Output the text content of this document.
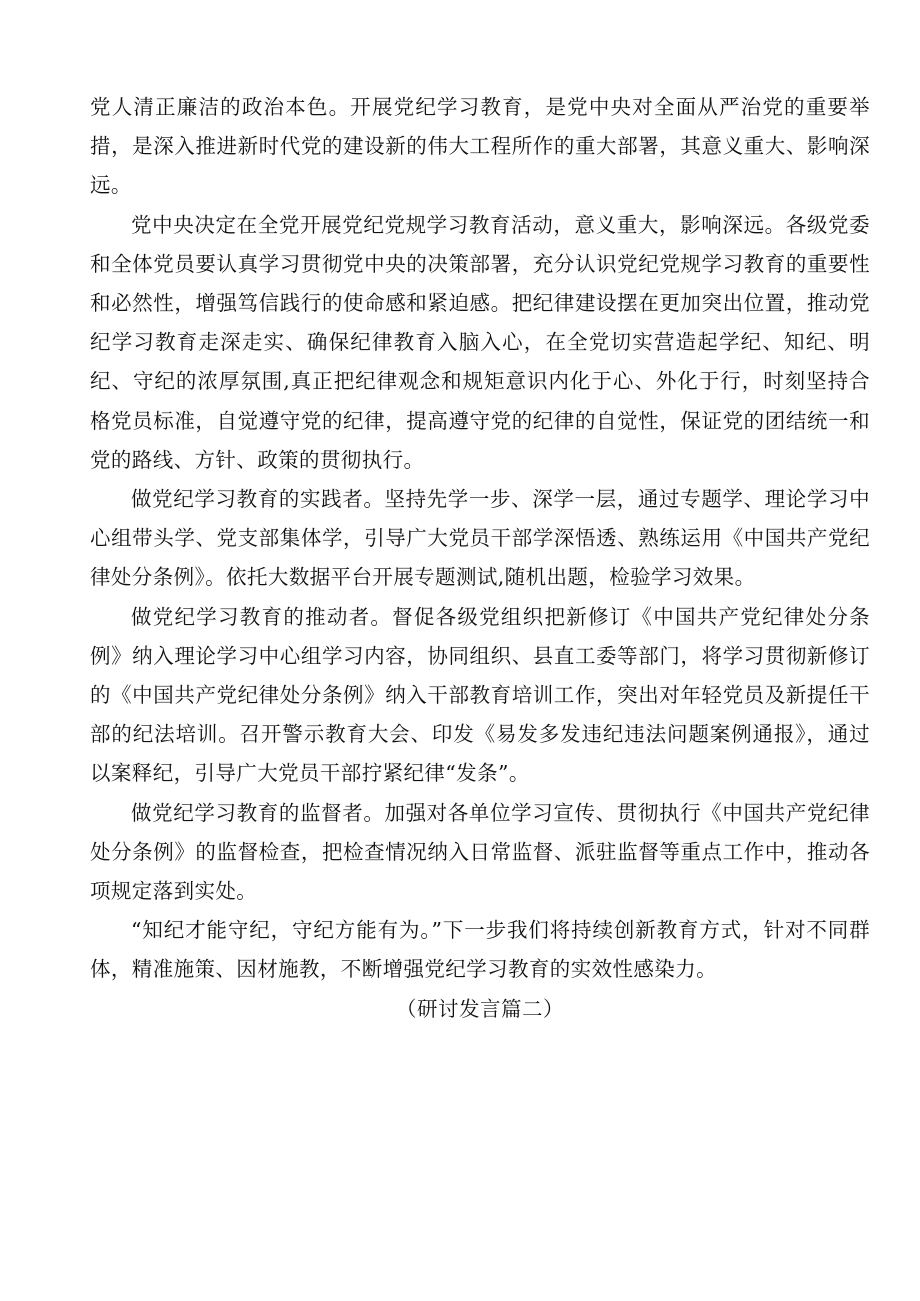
党人清正廉洁的政治本色。开展党纪学习教育，是党中央对全面从严治党的重要举措，是深入推进新时代党的建设新的伟大工程所作的重大部署，其意义重大、影响深远。

党中央决定在全党开展党纪党规学习教育活动，意义重大，影响深远。各级党委和全体党员要认真学习贯彻党中央的决策部署，充分认识党纪党规学习教育的重要性和必然性，增强笃信践行的使命感和紧迫感。把纪律建设摆在更加突出位置，推动党纪学习教育走深走实、确保纪律教育入脑入心，在全党切实营造起学纪、知纪、明纪、守纪的浓厚氛围,真正把纪律观念和规矩意识内化于心、外化于行，时刻坚持合格党员标准，自觉遵守党的纪律，提高遵守党的纪律的自觉性，保证党的团结统一和党的路线、方针、政策的贯彻执行。

做党纪学习教育的实践者。坚持先学一步、深学一层，通过专题学、理论学习中心组带头学、党支部集体学，引导广大党员干部学深悟透、熟练运用《中国共产党纪律处分条例》。依托大数据平台开展专题测试,随机出题，检验学习效果。

做党纪学习教育的推动者。督促各级党组织把新修订《中国共产党纪律处分条例》纳入理论学习中心组学习内容，协同组织、县直工委等部门，将学习贯彻新修订的《中国共产党纪律处分条例》纳入干部教育培训工作，突出对年轻党员及新提任干部的纪法培训。召开警示教育大会、印发《易发多发违纪违法问题案例通报》，通过以案释纪，引导广大党员干部拧紧纪律“发条”。

做党纪学习教育的监督者。加强对各单位学习宣传、贯彻执行《中国共产党纪律处分条例》的监督检查，把检查情况纳入日常监督、派驻监督等重点工作中，推动各项规定落到实处。

“知纪才能守纪，守纪方能有为。”下一步我们将持续创新教育方式，针对不同群体，精准施策、因材施教，不断增强党纪学习教育的实效性感染力。

（研讨发言篇二）
